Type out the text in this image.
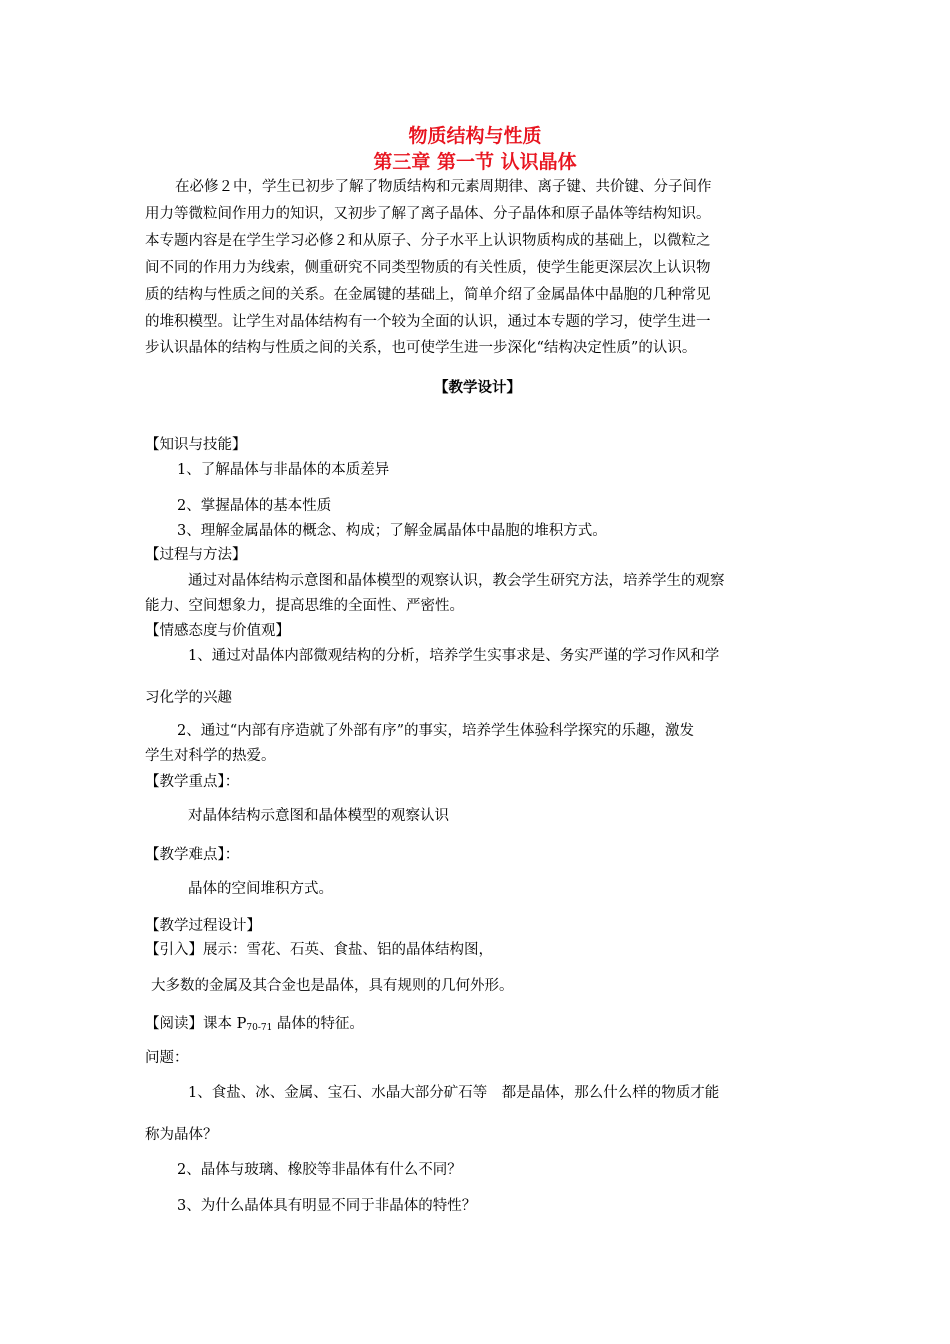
物质结构与性质
第三章 第一节 认识晶体
在必修２中，学生已初步了解了物质结构和元素周期律、离子键、共价键、分子间作
用力等微粒间作用力的知识，又初步了解了离子晶体、分子晶体和原子晶体等结构知识。
本专题内容是在学生学习必修２和从原子、分子水平上认识物质构成的基础上，以微粒之
间不同的作用力为线索，侧重研究不同类型物质的有关性质，使学生能更深层次上认识物
质的结构与性质之间的关系。在金属键的基础上，简单介绍了金属晶体中晶胞的几种常见
的堆积模型。让学生对晶体结构有一个较为全面的认识，通过本专题的学习，使学生进一
步认识晶体的结构与性质之间的关系，也可使学生进一步深化“结构决定性质”的认识。
【教学设计】
【知识与技能】
1、了解晶体与非晶体的本质差异
2、掌握晶体的基本性质
3、理解金属晶体的概念、构成；了解金属晶体中晶胞的堆积方式。
【过程与方法】
通过对晶体结构示意图和晶体模型的观察认识，教会学生研究方法，培养学生的观察
能力、空间想象力，提高思维的全面性、严密性。
【情感态度与价值观】
1、通过对晶体内部微观结构的分析，培养学生实事求是、务实严谨的学习作风和学
习化学的兴趣
2、通过“内部有序造就了外部有序”的事实，培养学生体验科学探究的乐趣，激发
学生对科学的热爱。
【教学重点】：
对晶体结构示意图和晶体模型的观察认识
【教学难点】：
晶体的空间堆积方式。
【教学过程设计】
【引入】展示：雪花、石英、食盐、铝的晶体结构图，
大多数的金属及其合金也是晶体，具有规则的几何外形。
【阅读】课本 $P_{70-71}$ 晶体的特征。
问题：
1、食盐、冰、金属、宝石、水晶大部分矿石等　都是晶体，那么什么样的物质才能
称为晶体？
2、晶体与玻璃、橡胶等非晶体有什么不同？
3、为什么晶体具有明显不同于非晶体的特性？
